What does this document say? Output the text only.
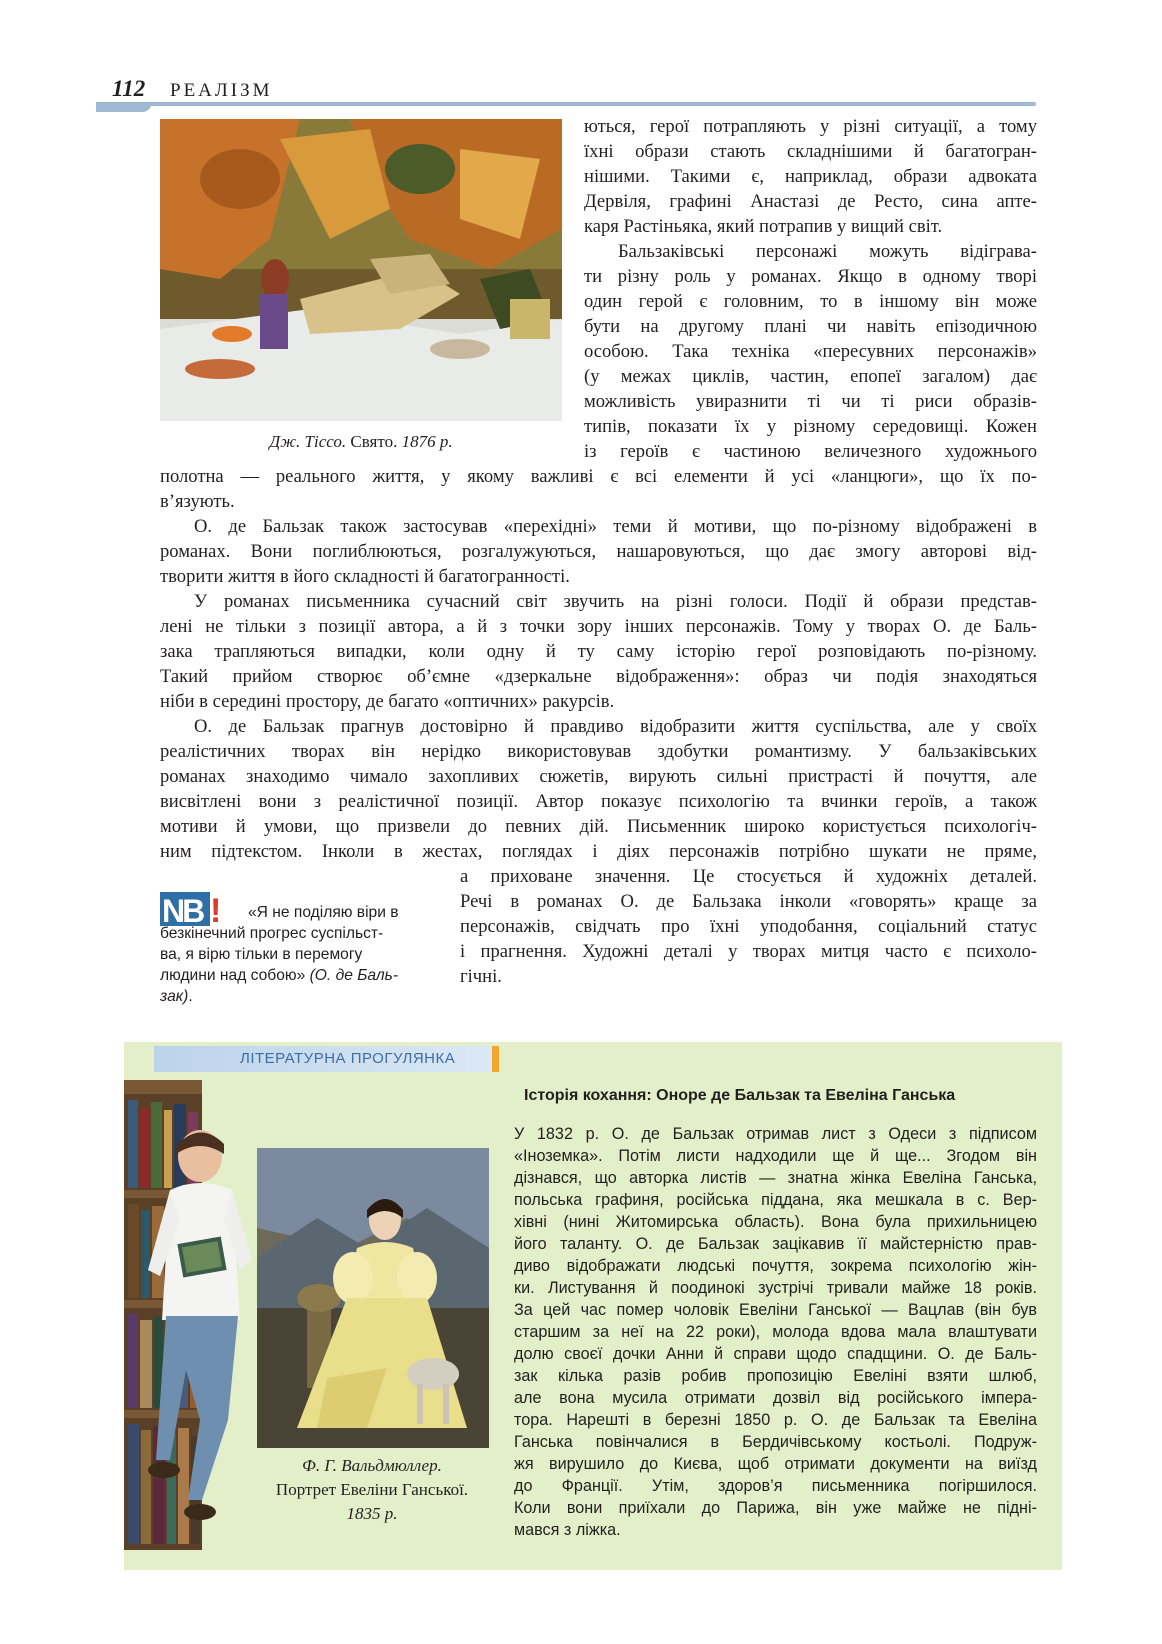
112 РЕАЛІЗМ
Дж. Тіссо. Свято. 1876 р.
ються, герої потрапляють у різні ситуації, а тому
їхні образи стають складнішими й багатогран-
нішими. Такими є, наприклад, образи адвоката
Дервіля, графині Анастазі де Ресто, сина апте-
каря Растіньяка, який потрапив у вищий світ.
Бальзаківські персонажі можуть відіграва-
ти різну роль у романах. Якщо в одному творі
один герой є головним, то в іншому він може
бути на другому плані чи навіть епізодичною
особою. Така техніка «пересувних персонажів»
(у межах циклів, частин, епопеї загалом) дає
можливість увиразнити ті чи ті риси образів-
типів, показати їх у різному середовищі. Кожен
із героїв є частиною величезного художнього
полотна — реального життя, у якому важливі є всі елементи й усі «ланцюги», що їх по-
в’язують.
О. де Бальзак також застосував «перехідні» теми й мотиви, що по-різному відображені в
романах. Вони поглиблюються, розгалужуються, нашаровуються, що дає змогу авторові від-
творити життя в його складності й багатогранності.
У романах письменника сучасний світ звучить на різні голоси. Події й образи представ-
лені не тільки з позиції автора, а й з точки зору інших персонажів. Тому у творах О. де Баль-
зака трапляються випадки, коли одну й ту саму історію герої розповідають по-різному.
Такий прийом створює об’ємне «дзеркальне відображення»: образ чи подія знаходяться
ніби в середині простору, де багато «оптичних» ракурсів.
О. де Бальзак прагнув достовірно й правдиво відобразити життя суспільства, але у своїх
реалістичних творах він нерідко використовував здобутки романтизму. У бальзаківських
романах знаходимо чимало захопливих сюжетів, вирують сильні пристрасті й почуття, але
висвітлені вони з реалістичної позиції. Автор показує психологію та вчинки героїв, а також
мотиви й умови, що призвели до певних дій. Письменник широко користується психологіч-
ним підтекстом. Інколи в жестах, поглядах і діях персонажів потрібно шукати не пряме,
а приховане значення. Це стосується й художніх деталей.
Речі в романах О. де Бальзака інколи «говорять» краще за
персонажів, свідчать про їхні уподобання, соціальний статус
і прагнення. Художні деталі у творах митця часто є психоло-
гічні.
NB ! «Я не поділяю віри в
безкінечний прогрес суспільст-
ва, я вірю тільки в перемогу
людини над собою» (О. де Баль-
зак).
ЛІТЕРАТУРНА ПРОГУЛЯНКА
Ф. Г. Вальдмюллер.
Портрет Евеліни Ганської.
1835 р.
Історія кохання: Оноре де Бальзак та Евеліна Ганська
У 1832 р. О. де Бальзак отримав лист з Одеси з підписом
«Іноземка». Потім листи надходили ще й ще... Згодом він
дізнався, що авторка листів — знатна жінка Евеліна Ганська,
польська графиня, російська піддана, яка мешкала в с. Вер-
хівні (нині Житомирська область). Вона була прихильницею
його таланту. О. де Бальзак зацікавив її майстерністю прав-
диво відображати людські почуття, зокрема психологію жін-
ки. Листування й поодинокі зустрічі тривали майже 18 років.
За цей час помер чоловік Евеліни Ганської — Вацлав (він був
старшим за неї на 22 роки), молода вдова мала влаштувати
долю своєї дочки Анни й справи щодо спадщини. О. де Баль-
зак кілька разів робив пропозицію Евеліні взяти шлюб,
але вона мусила отримати дозвіл від російського імпера-
тора. Нарешті в березні 1850 р. О. де Бальзак та Евеліна
Ганська повінчалися в Бердичівському костьолі. Подруж-
жя вирушило до Києва, щоб отримати документи на виїзд
до Франції. Утім, здоров’я письменника погіршилося.
Коли вони приїхали до Парижа, він уже майже не підні-
мався з ліжка.
